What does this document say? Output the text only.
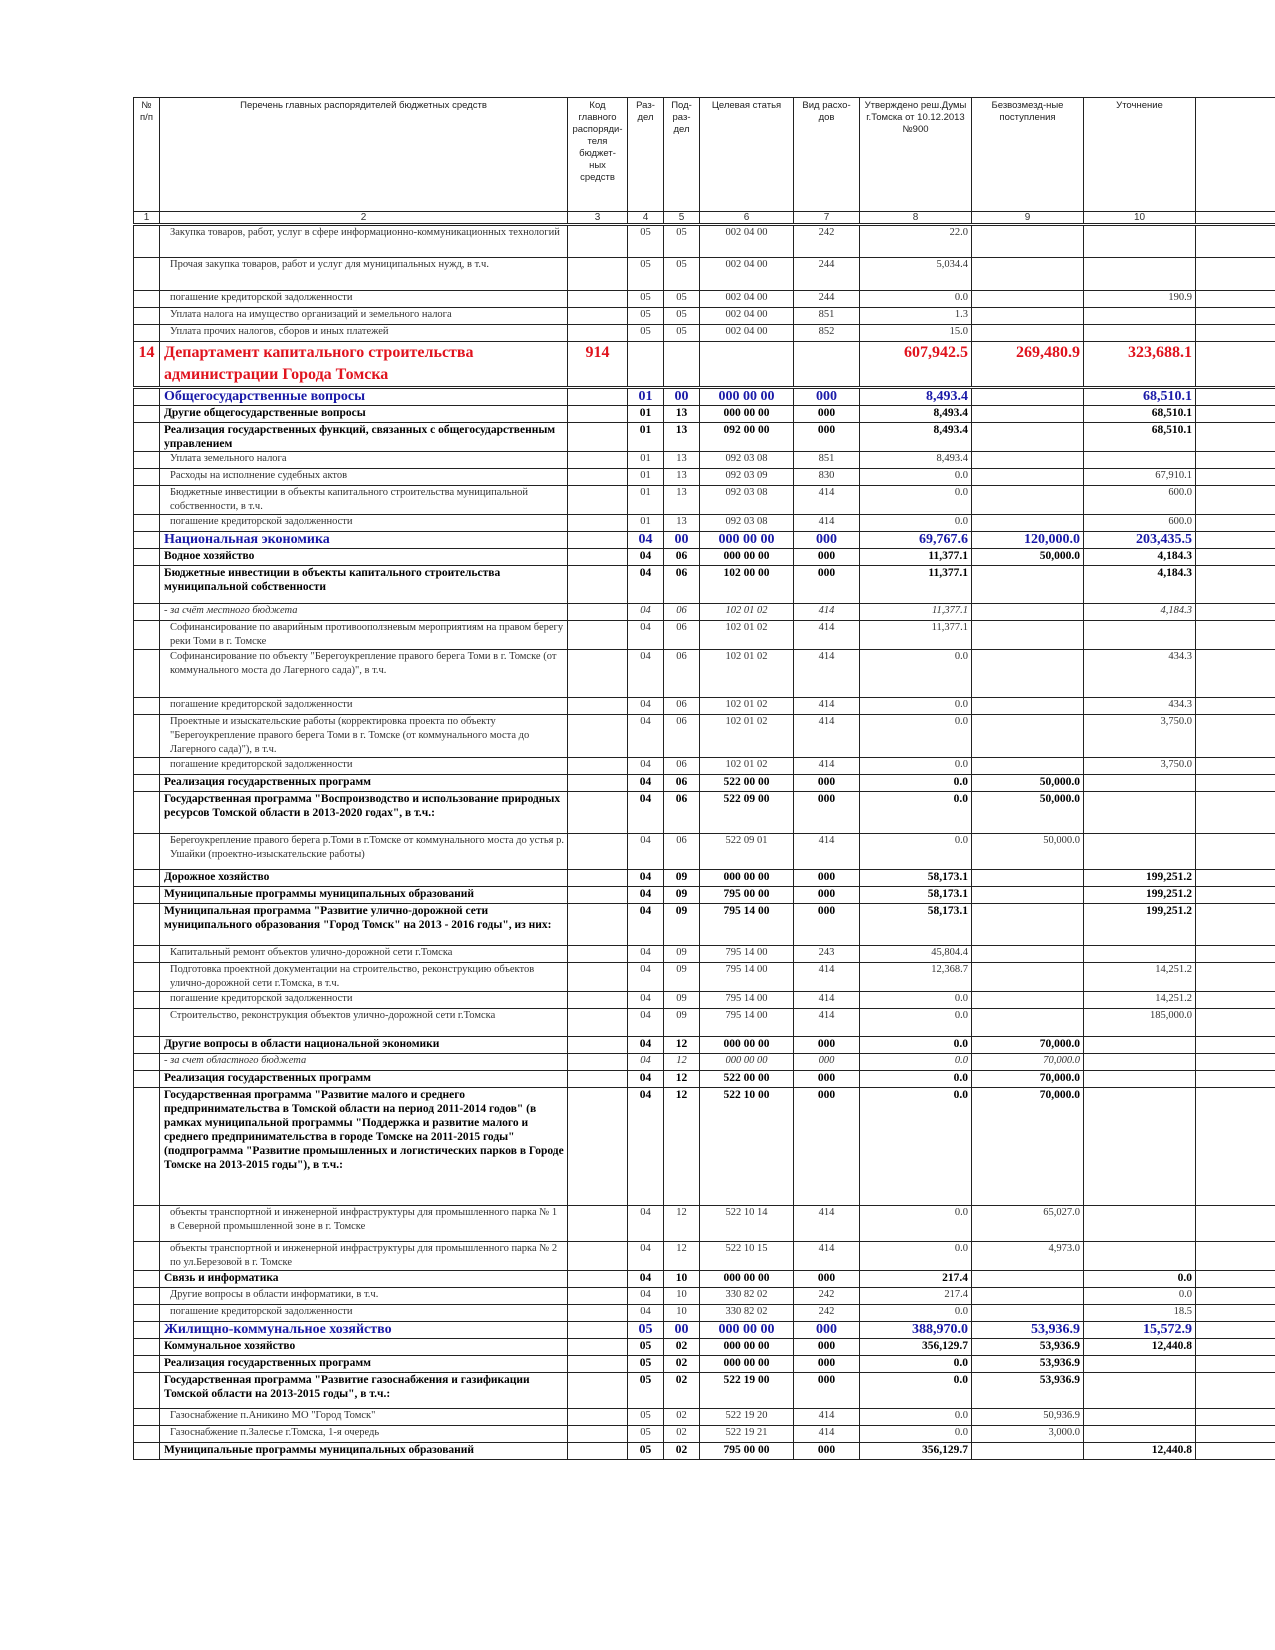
№ п/п	Перечень главных распорядителей бюджетных средств	Код главного распоряди-теля бюджет-ных средств	Раз-дел	Под-раз-дел	Целевая статья	Вид расхо-дов	Утверждено реш.Думы г.Томска от 10.12.2013 №900	Безвозмезд-ные поступления	Уточнение	
1	2	3	4	5	6	7	8	9	10	
	Закупка товаров, работ, услуг в сфере информационно-коммуникационных технологий		05	05	002 04 00	242	22.0			
	Прочая закупка товаров, работ и услуг для муниципальных нужд, в т.ч.		05	05	002 04 00	244	5,034.4			
	погашение кредиторской задолженности		05	05	002 04 00	244	0.0		190.9	
	Уплата налога на имущество организаций и земельного налога		05	05	002 04 00	851	1.3			
	Уплата прочих налогов, сборов и иных платежей		05	05	002 04 00	852	15.0			
14	Департамент капитального строительства администрации Города Томска	914					607,942.5	269,480.9	323,688.1	
	Общегосударственные вопросы		01	00	000 00 00	000	8,493.4		68,510.1	
	Другие общегосударственные вопросы		01	13	000 00 00	000	8,493.4		68,510.1	
	Реализация государственных функций, связанных с общегосударственным управлением		01	13	092 00 00	000	8,493.4		68,510.1	
	Уплата земельного налога		01	13	092 03 08	851	8,493.4			
	Расходы на исполнение судебных актов		01	13	092 03 09	830	0.0		67,910.1	
	Бюджетные инвестиции в объекты капитального строительства муниципальной собственности, в т.ч.		01	13	092 03 08	414	0.0		600.0	
	погашение кредиторской задолженности		01	13	092 03 08	414	0.0		600.0	
	Национальная экономика		04	00	000 00 00	000	69,767.6	120,000.0	203,435.5	
	Водное хозяйство		04	06	000 00 00	000	11,377.1	50,000.0	4,184.3	
	Бюджетные инвестиции в объекты капитального строительства муниципальной собственности		04	06	102 00 00	000	11,377.1		4,184.3	
	- за счёт местного бюджета		04	06	102 01 02	414	11,377.1		4,184.3	
	Софинансирование по аварийным противооползневым мероприятиям на правом берегу реки Томи в г. Томске		04	06	102 01 02	414	11,377.1			
	Софинансирование по объекту "Берегоукрепление правого берега Томи в г. Томске (от коммунального моста до Лагерного сада)", в т.ч.		04	06	102 01 02	414	0.0		434.3	
	погашение кредиторской задолженности		04	06	102 01 02	414	0.0		434.3	
	Проектные и изыскательские работы (корректировка проекта по объекту "Берегоукрепление правого берега Томи в г. Томске (от коммунального моста до Лагерного сада)"), в т.ч.		04	06	102 01 02	414	0.0		3,750.0	
	погашение кредиторской задолженности		04	06	102 01 02	414	0.0		3,750.0	
	Реализация государственных программ		04	06	522 00 00	000	0.0	50,000.0		
	Государственная программа "Воспроизводство и использование природных ресурсов Томской области в 2013-2020 годах", в т.ч.:		04	06	522 09 00	000	0.0	50,000.0		
	Берегоукрепление правого берега р.Томи в г.Томске от коммунального моста до устья р. Ушайки (проектно-изыскательские работы)		04	06	522 09 01	414	0.0	50,000.0		
	Дорожное хозяйство		04	09	000 00 00	000	58,173.1		199,251.2	
	Муниципальные программы муниципальных образований		04	09	795 00 00	000	58,173.1		199,251.2	
	Муниципальная программа "Развитие улично-дорожной сети муниципального образования "Город Томск" на 2013 - 2016 годы", из них:		04	09	795 14 00	000	58,173.1		199,251.2	
	Капитальный ремонт объектов улично-дорожной сети г.Томска		04	09	795 14 00	243	45,804.4			
	Подготовка проектной документации на строительство, реконструкцию объектов улично-дорожной сети г.Томска, в т.ч.		04	09	795 14 00	414	12,368.7		14,251.2	
	погашение кредиторской задолженности		04	09	795 14 00	414	0.0		14,251.2	
	Строительство, реконструкция объектов улично-дорожной сети г.Томска		04	09	795 14 00	414	0.0		185,000.0	
	Другие вопросы в области национальной экономики		04	12	000 00 00	000	0.0	70,000.0		
	- за счет областного бюджета		04	12	000 00 00	000	0.0	70,000.0		
	Реализация государственных программ		04	12	522 00 00	000	0.0	70,000.0		
	Государственная программа "Развитие малого и среднего предпринимательства в Томской области на период 2011-2014 годов" (в рамках муниципальной программы "Поддержка и развитие малого и среднего предпринимательства в городе Томске на 2011-2015 годы" (подпрограмма "Развитие промышленных и логистических парков в Городе Томске на 2013-2015 годы"), в т.ч.:		04	12	522 10 00	000	0.0	70,000.0		
	объекты транспортной и инженерной инфраструктуры для промышленного парка № 1 в Северной промышленной зоне в г. Томске		04	12	522 10 14	414	0.0	65,027.0		
	объекты транспортной и инженерной инфраструктуры для промышленного парка № 2 по ул.Березовой в г. Томске		04	12	522 10 15	414	0.0	4,973.0		
	Связь и информатика		04	10	000 00 00	000	217.4		0.0	
	Другие вопросы в области информатики, в т.ч.		04	10	330 82 02	242	217.4		0.0	
	погашение кредиторской задолженности		04	10	330 82 02	242	0.0		18.5	
	Жилищно-коммунальное хозяйство		05	00	000 00 00	000	388,970.0	53,936.9	15,572.9	
	Коммунальное хозяйство		05	02	000 00 00	000	356,129.7	53,936.9	12,440.8	
	Реализация государственных программ		05	02	000 00 00	000	0.0	53,936.9		
	Государственная программа "Развитие газоснабжения и газификации Томской области на 2013-2015 годы", в т.ч.:		05	02	522 19 00	000	0.0	53,936.9		
	Газоснабжение п.Аникино МО "Город Томск"		05	02	522 19 20	414	0.0	50,936.9		
	Газоснабжение п.Залесье г.Томска, 1-я очередь		05	02	522 19 21	414	0.0	3,000.0		
	Муниципальные программы муниципальных образований		05	02	795 00 00	000	356,129.7		12,440.8	
